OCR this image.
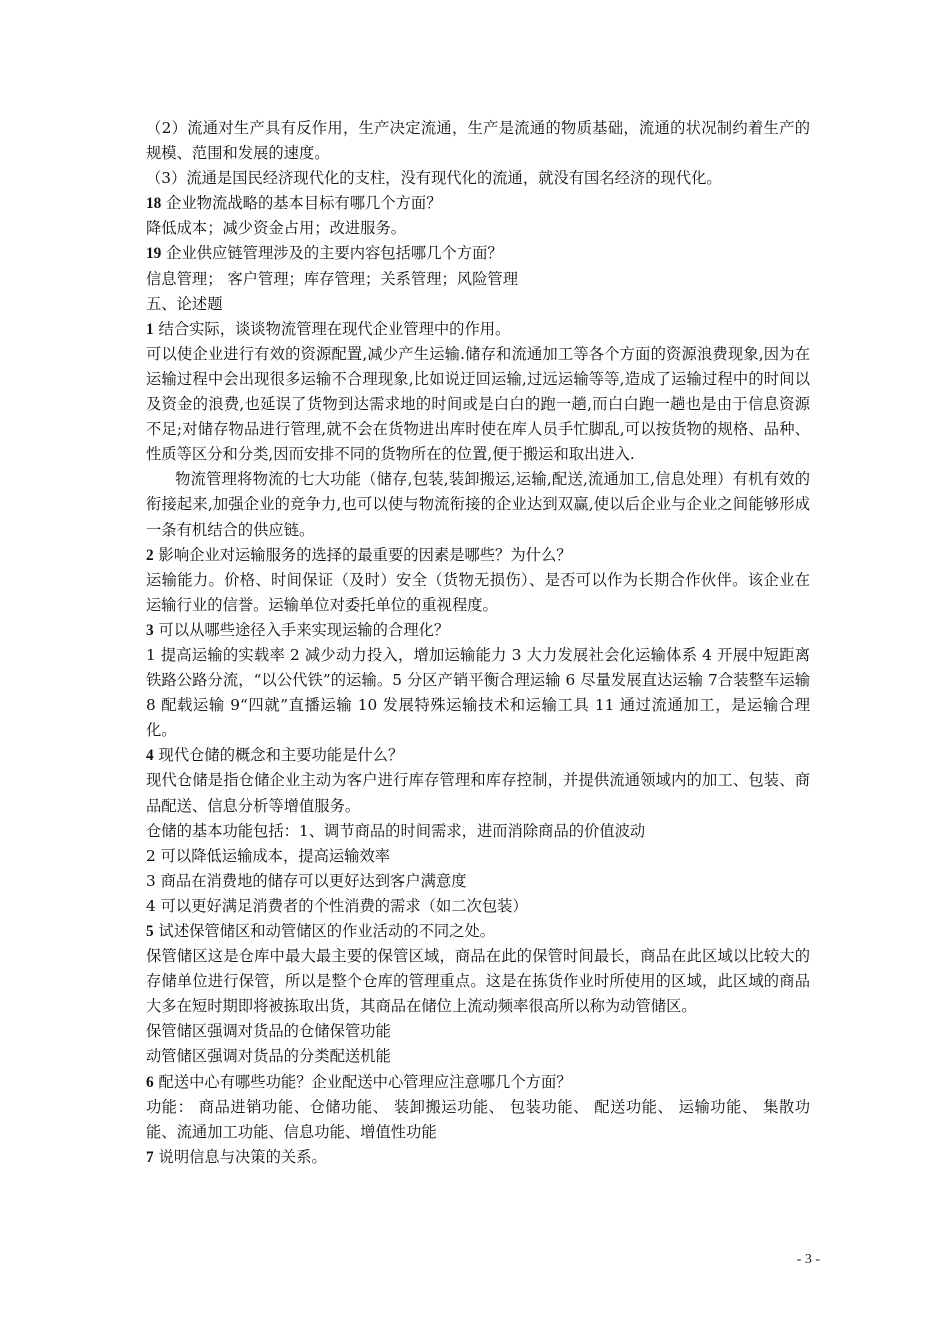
（2）流通对生产具有反作用，生产决定流通，生产是流通的物质基础，流通的状况制约着生产的规模、范围和发展的速度。

（3）流通是国民经济现代化的支柱，没有现代化的流通，就没有国名经济的现代化。

18 企业物流战略的基本目标有哪几个方面？

降低成本；减少资金占用；改进服务。

19 企业供应链管理涉及的主要内容包括哪几个方面？

信息管理； 客户管理；库存管理；关系管理；风险管理

五、论述题

1 结合实际，谈谈物流管理在现代企业管理中的作用。

可以使企业进行有效的资源配置,减少产生运输.储存和流通加工等各个方面的资源浪费现象,因为在运输过程中会出现很多运输不合理现象,比如说迂回运输,过远运输等等,造成了运输过程中的时间以及资金的浪费,也延误了货物到达需求地的时间或是白白的跑一趟,而白白跑一趟也是由于信息资源不足;对储存物品进行管理,就不会在货物进出库时使在库人员手忙脚乱,可以按货物的规格、品种、性质等区分和分类,因而安排不同的货物所在的位置,便于搬运和取出进入.

物流管理将物流的七大功能（储存,包装,装卸搬运,运输,配送,流通加工,信息处理）有机有效的衔接起来,加强企业的竞争力,也可以使与物流衔接的企业达到双赢,使以后企业与企业之间能够形成一条有机结合的供应链。

2 影响企业对运输服务的选择的最重要的因素是哪些？为什么？

运输能力。价格、时间保证（及时）安全（货物无损伤）、是否可以作为长期合作伙伴。该企业在运输行业的信誉。运输单位对委托单位的重视程度。

3 可以从哪些途径入手来实现运输的合理化？

1 提高运输的实载率 2 减少动力投入，增加运输能力 3 大力发展社会化运输体系 4 开展中短距离铁路公路分流，“以公代铁”的运输。5 分区产销平衡合理运输 6 尽量发展直达运输 7合装整车运输 8 配载运输 9“四就”直播运输 10 发展特殊运输技术和运输工具 11 通过流通加工，是运输合理化。

4 现代仓储的概念和主要功能是什么？

现代仓储是指仓储企业主动为客户进行库存管理和库存控制，并提供流通领域内的加工、包装、商品配送、信息分析等增值服务。

仓储的基本功能包括：1、调节商品的时间需求，进而消除商品的价值波动

2 可以降低运输成本，提高运输效率

3 商品在消费地的储存可以更好达到客户满意度

4 可以更好满足消费者的个性消费的需求（如二次包装）

5 试述保管储区和动管储区的作业活动的不同之处。

保管储区这是仓库中最大最主要的保管区域，商品在此的保管时间最长，商品在此区域以比较大的存储单位进行保管，所以是整个仓库的管理重点。这是在拣货作业时所使用的区域，此区域的商品大多在短时期即将被拣取出货，其商品在储位上流动频率很高所以称为动管储区。

保管储区强调对货品的仓储保管功能

动管储区强调对货品的分类配送机能

6 配送中心有哪些功能？企业配送中心管理应注意哪几个方面？

功能： 商品进销功能、仓储功能、 装卸搬运功能、 包装功能、 配送功能、 运输功能、 集散功能、流通加工功能、信息功能、增值性功能

7 说明信息与决策的关系。

- 3 -
